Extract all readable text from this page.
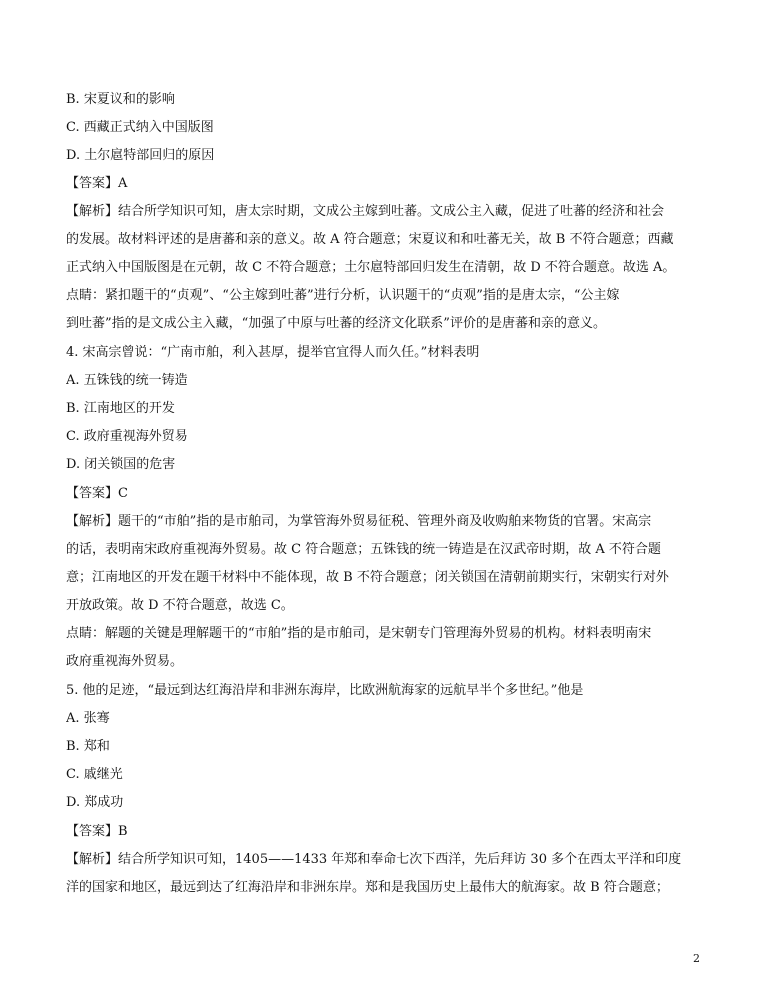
B. 宋夏议和的影响
C. 西藏正式纳入中国版图
D. 土尔扈特部回归的原因
【答案】A
【解析】结合所学知识可知，唐太宗时期，文成公主嫁到吐蕃。文成公主入藏，促进了吐蕃的经济和社会
的发展。故材料评述的是唐蕃和亲的意义。故 A 符合题意；宋夏议和和吐蕃无关，故 B 不符合题意；西藏
正式纳入中国版图是在元朝，故 C 不符合题意；土尔扈特部回归发生在清朝，故 D 不符合题意。故选 A。
点睛：紧扣题干的“贞观”、“公主嫁到吐蕃”进行分析，认识题干的“贞观”指的是唐太宗，“公主嫁
到吐蕃”指的是文成公主入藏，“加强了中原与吐蕃的经济文化联系”评价的是唐蕃和亲的意义。
4. 宋高宗曾说：“广南市舶，利入甚厚，提举官宜得人而久任。”材料表明
A. 五铢钱的统一铸造
B. 江南地区的开发
C. 政府重视海外贸易
D. 闭关锁国的危害
【答案】C
【解析】题干的“市舶”指的是市舶司，为掌管海外贸易征税、管理外商及收购舶来物货的官署。宋高宗
的话，表明南宋政府重视海外贸易。故 C 符合题意；五铢钱的统一铸造是在汉武帝时期，故 A 不符合题
意；江南地区的开发在题干材料中不能体现，故 B 不符合题意；闭关锁国在清朝前期实行，宋朝实行对外
开放政策。故 D 不符合题意，故选 C。
点睛：解题的关键是理解题干的“市舶”指的是市舶司，是宋朝专门管理海外贸易的机构。材料表明南宋
政府重视海外贸易。
5. 他的足迹，“最远到达红海沿岸和非洲东海岸，比欧洲航海家的远航早半个多世纪。”他是
A. 张骞
B. 郑和
C. 戚继光
D. 郑成功
【答案】B
【解析】结合所学知识可知，1405——1433 年郑和奉命七次下西洋，先后拜访 30 多个在西太平洋和印度
洋的国家和地区，最远到达了红海沿岸和非洲东岸。郑和是我国历史上最伟大的航海家。故 B 符合题意；
2
